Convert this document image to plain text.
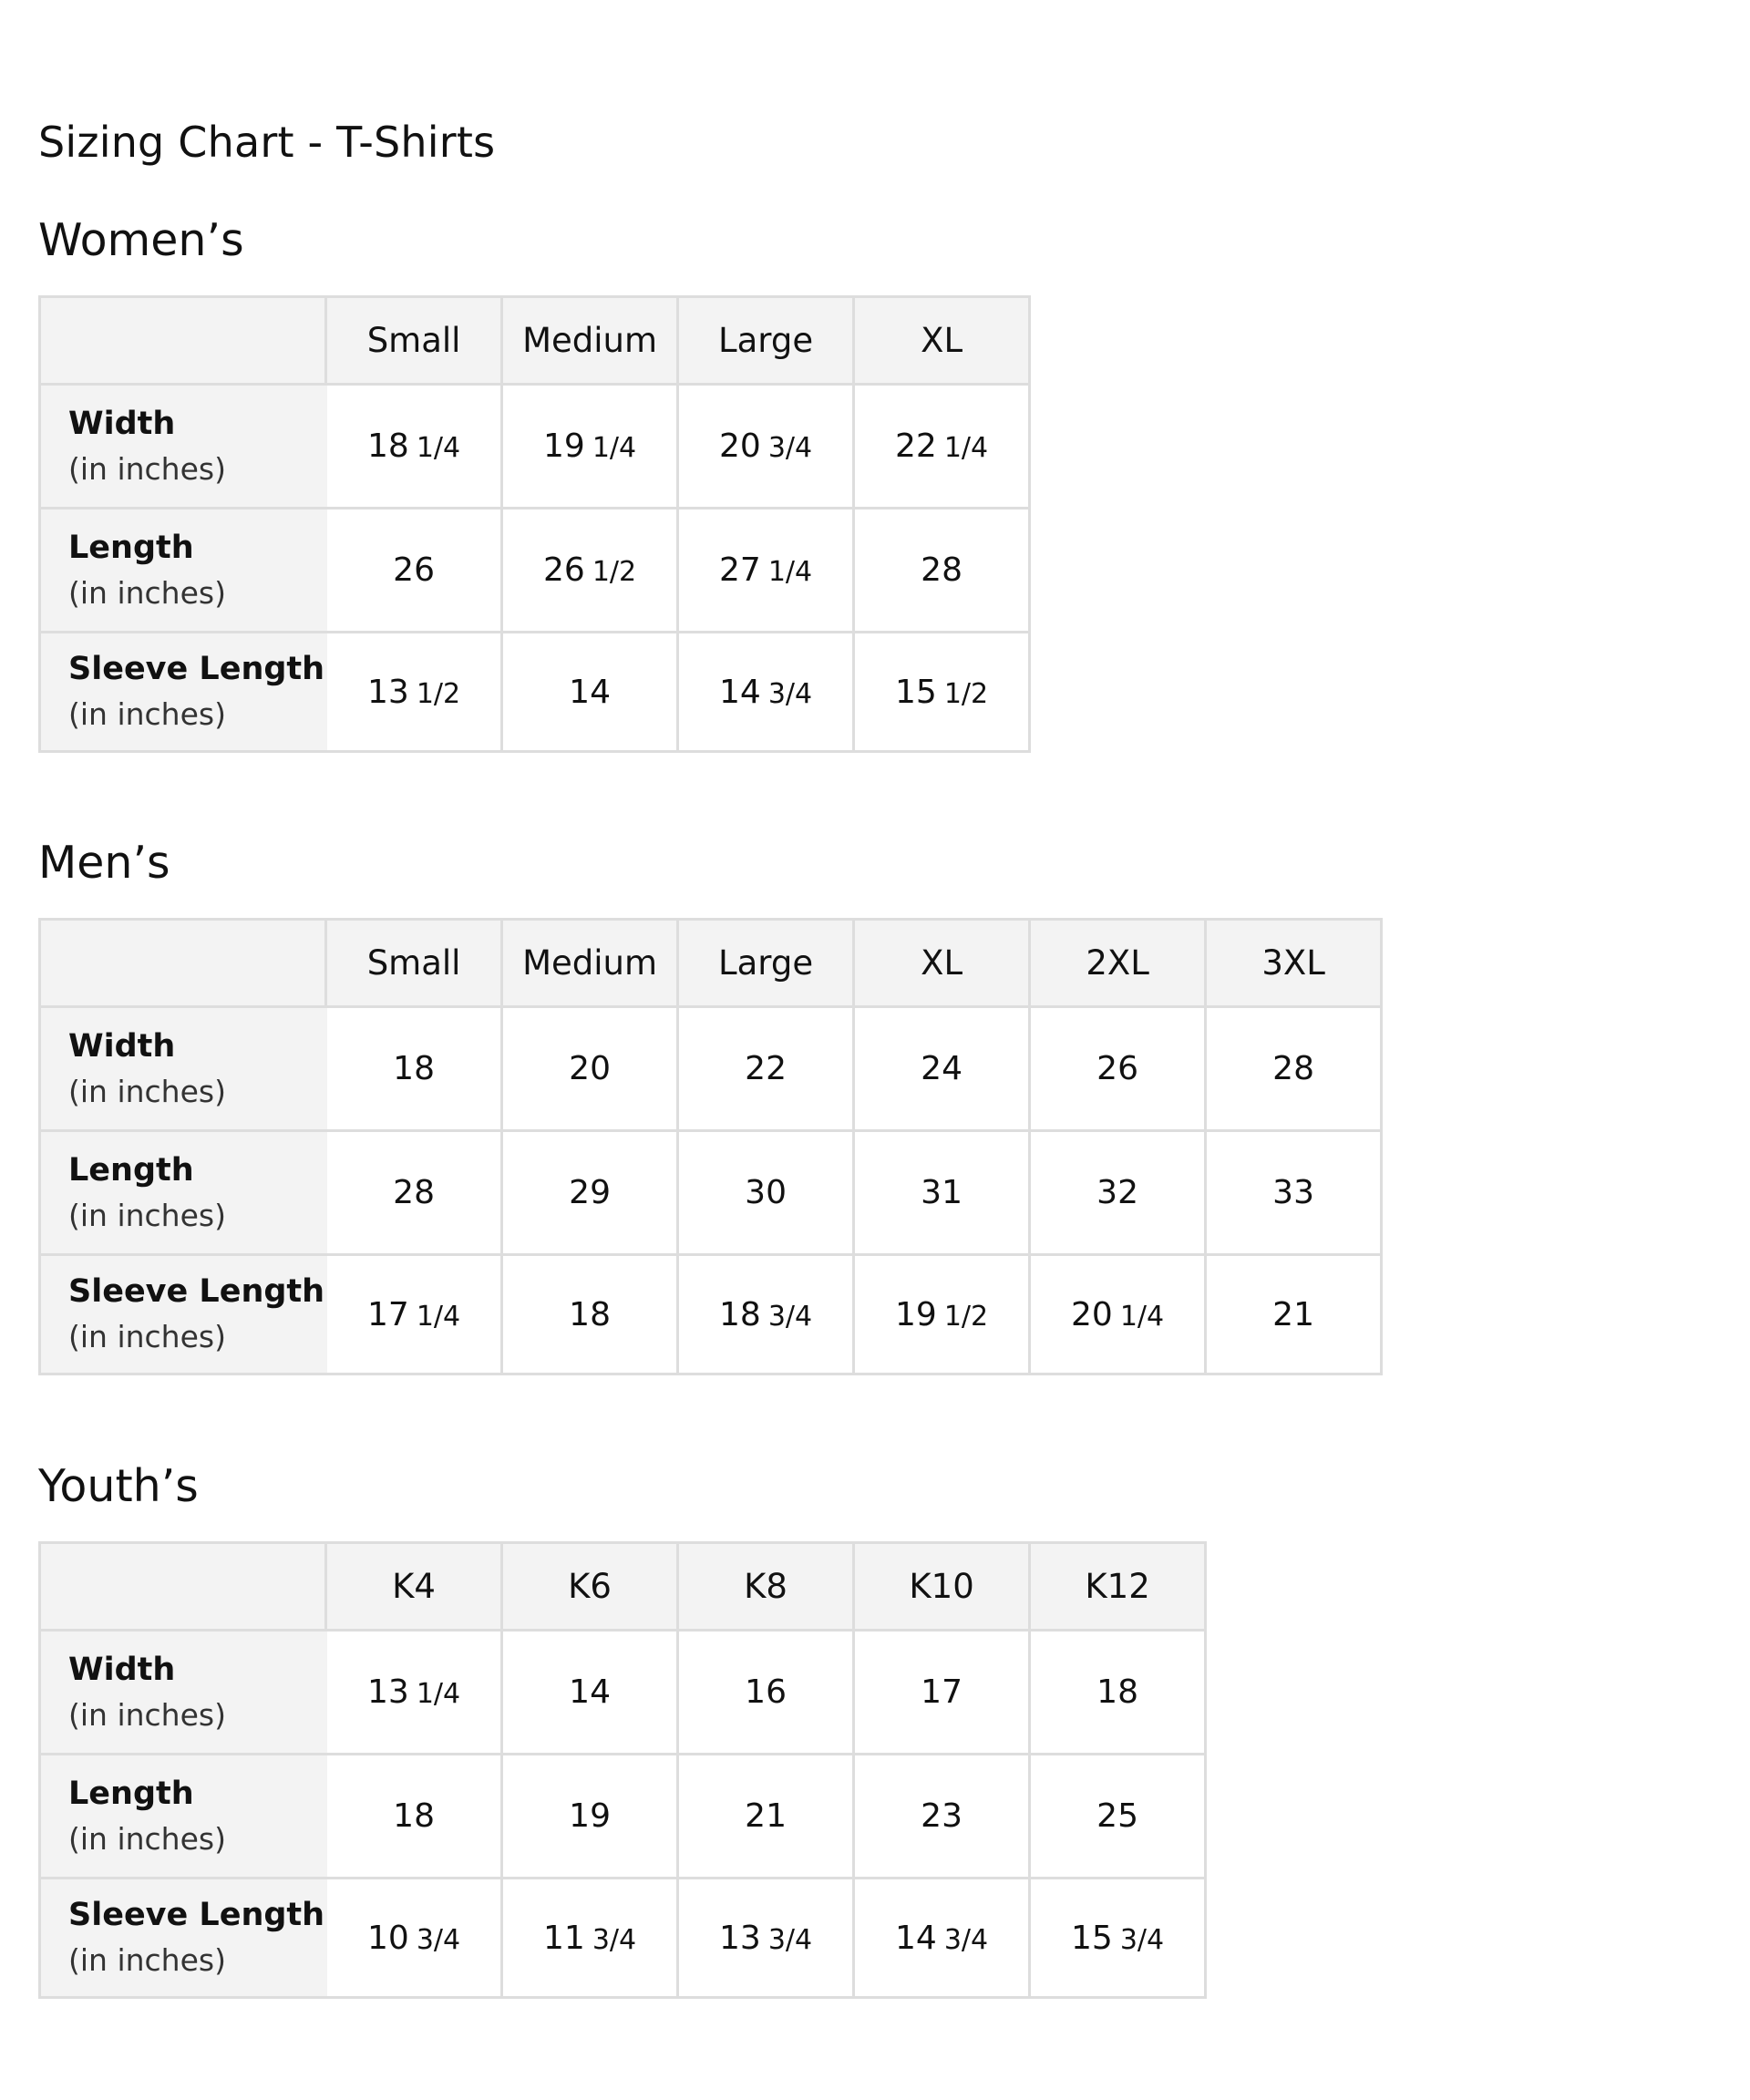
Sizing Chart - T-Shirts
Women’s
	Small	Medium	Large	XL

Width
(in inches)	18 1/4	19 1/4	20 3/4	22 1/4

Length
(in inches)	26	26 1/2	27 1/4	28

Sleeve Length
(in inches)	13 1/2	14	14 3/4	15 1/2
Men’s
	Small	Medium	Large	XL	2XL	3XL

Width
(in inches)	18	20	22	24	26	28

Length
(in inches)	28	29	30	31	32	33

Sleeve Length
(in inches)	17 1/4	18	18 3/4	19 1/2	20 1/4	21
Youth’s
	K4	K6	K8	K10	K12

Width
(in inches)	13 1/4	14	16	17	18

Length
(in inches)	18	19	21	23	25

Sleeve Length
(in inches)	10 3/4	11 3/4	13 3/4	14 3/4	15 3/4
